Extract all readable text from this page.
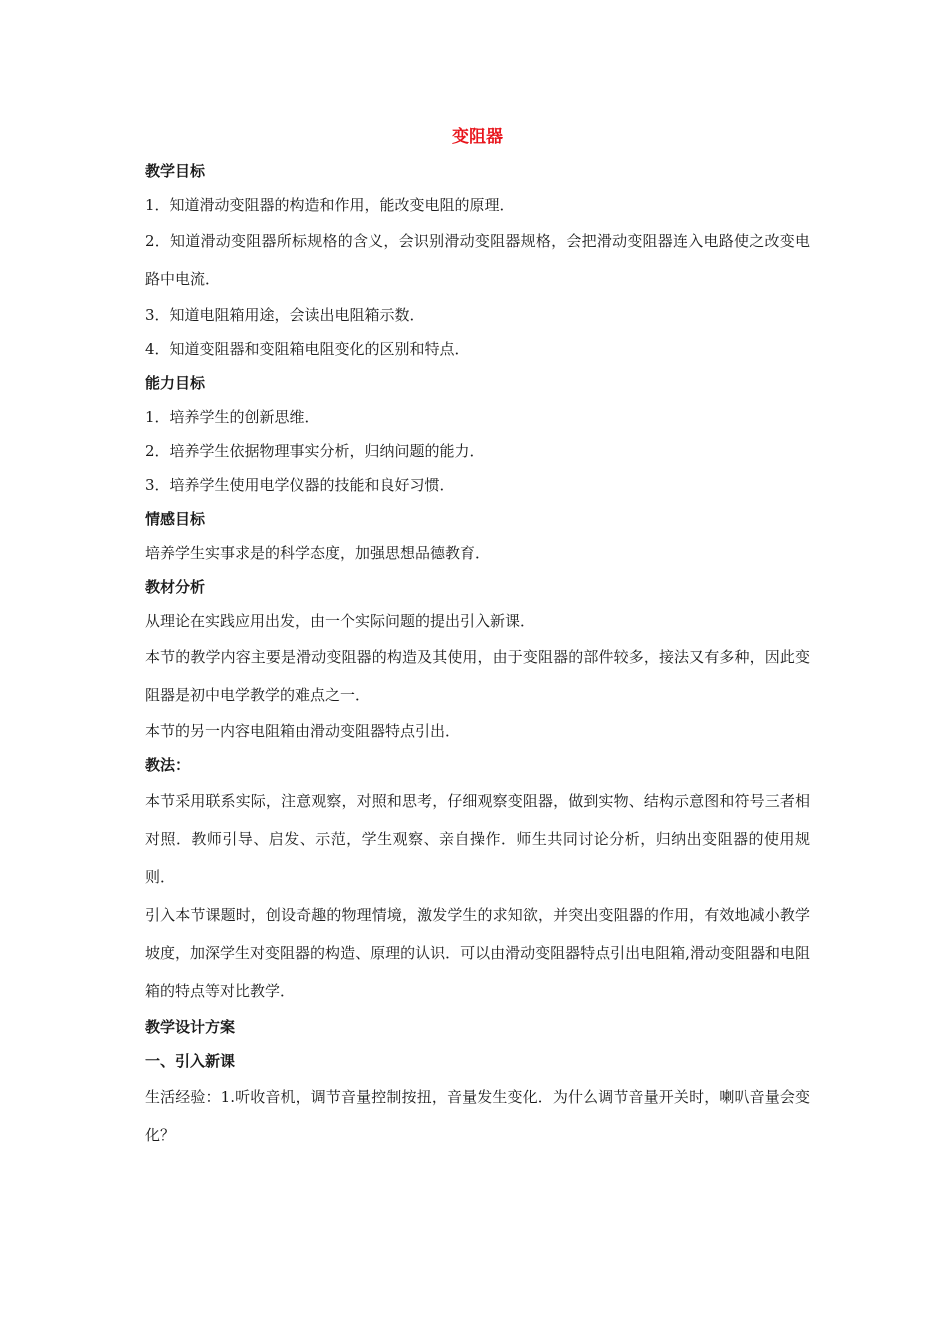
变阻器
教学目标

1．知道滑动变阻器的构造和作用，能改变电阻的原理．

2．知道滑动变阻器所标规格的含义，会识别滑动变阻器规格，会把滑动变阻器连入电路使之改变电路中电流．

3．知道电阻箱用途，会读出电阻箱示数．

4．知道变阻器和变阻箱电阻变化的区别和特点．

能力目标

1．培养学生的创新思维．

2．培养学生依据物理事实分析，归纳问题的能力．

3．培养学生使用电学仪器的技能和良好习惯．

情感目标

培养学生实事求是的科学态度，加强思想品德教育．

教材分析

从理论在实践应用出发，由一个实际问题的提出引入新课．

本节的教学内容主要是滑动变阻器的构造及其使用，由于变阻器的部件较多，接法又有多种，因此变阻器是初中电学教学的难点之一．

本节的另一内容电阻箱由滑动变阻器特点引出．

教法：

本节采用联系实际，注意观察，对照和思考，仔细观察变阻器，做到实物、结构示意图和符号三者相对照．教师引导、启发、示范，学生观察、亲自操作．师生共同讨论分析，归纳出变阻器的使用规则．

引入本节课题时，创设奇趣的物理情境，激发学生的求知欲，并突出变阻器的作用，有效地减小教学坡度，加深学生对变阻器的构造、原理的认识．可以由滑动变阻器特点引出电阻箱,滑动变阻器和电阻箱的特点等对比教学．

教学设计方案
一、引入新课

生活经验：1.听收音机，调节音量控制按扭，音量发生变化．为什么调节音量开关时，喇叭音量会变化？
